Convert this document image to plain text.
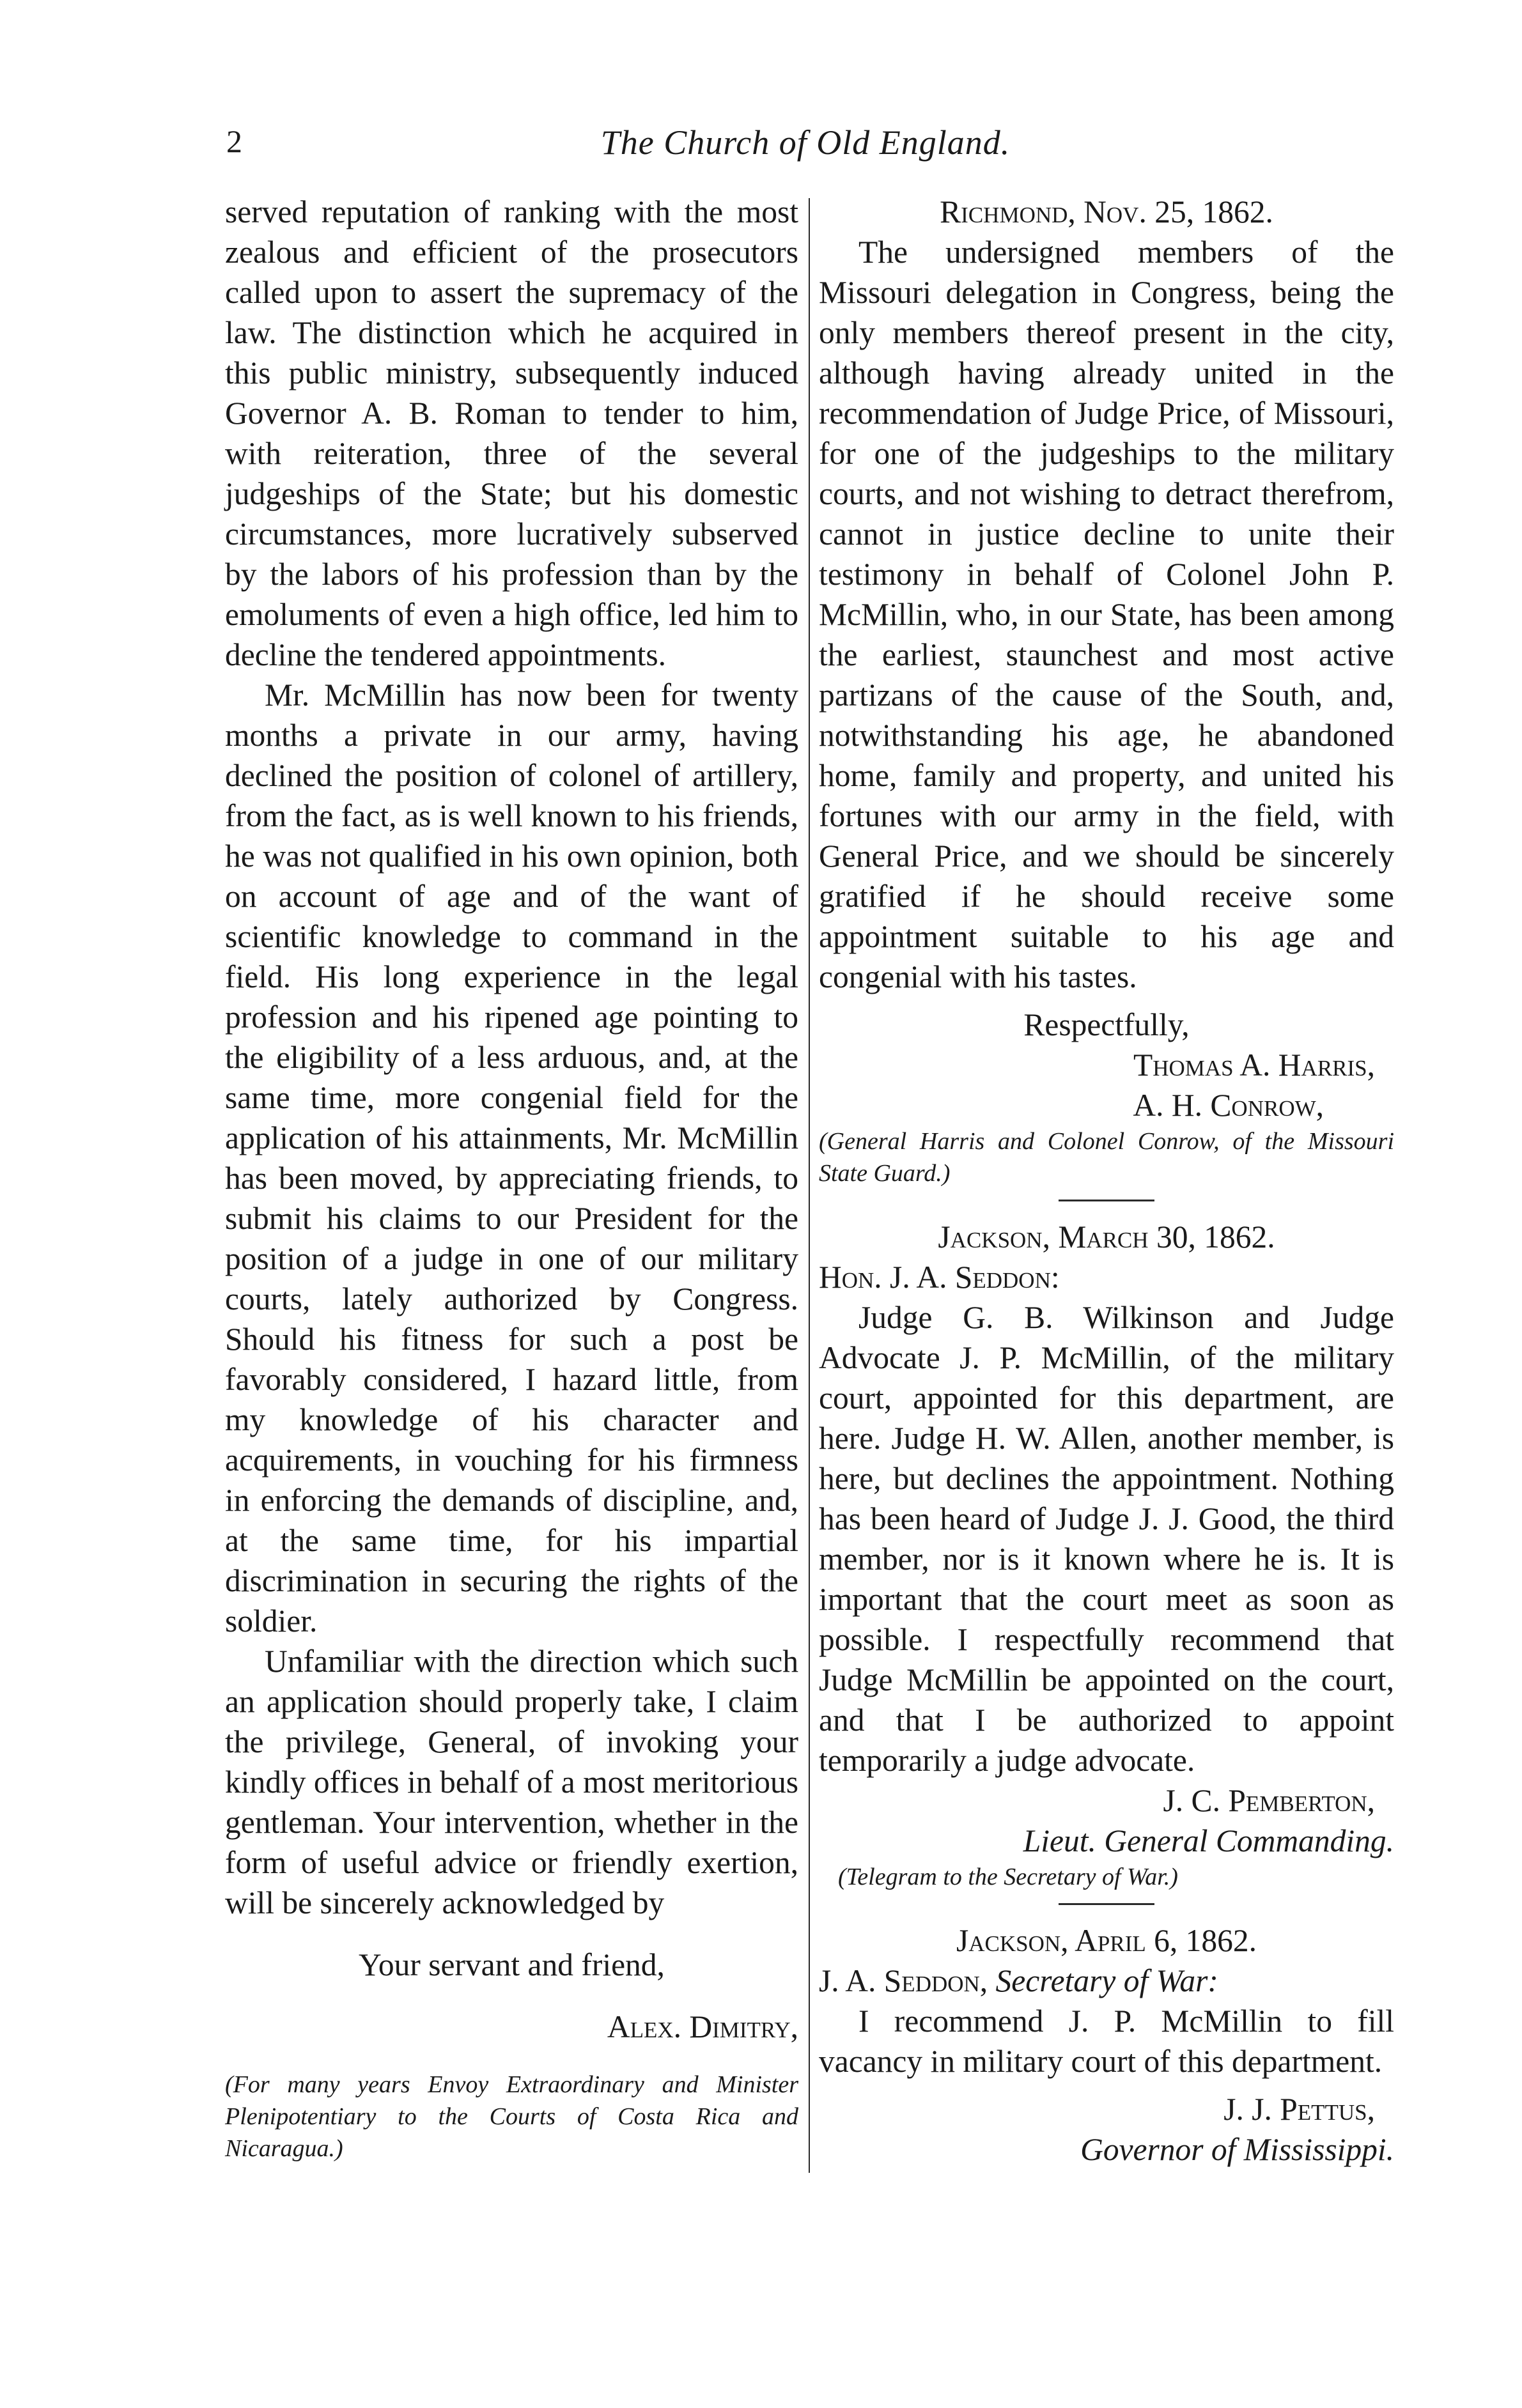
2	The Church of Old England.

served reputation of ranking with the most zealous and efficient of the prosecutors called upon to assert the supremacy of the law. The distinction which he acquired in this public ministry, subsequently induced Governor A. B. Roman to tender to him, with reiteration, three of the several judgeships of the State; but his domestic circumstances, more lucratively subserved by the labors of his profession than by the emoluments of even a high office, led him to decline the tendered appointments.

Mr. McMillin has now been for twenty months a private in our army, having declined the position of colonel of artillery, from the fact, as is well known to his friends, he was not qualified in his own opinion, both on account of age and of the want of scientific knowledge to command in the field. His long experience in the legal profession and his ripened age pointing to the eligibility of a less arduous, and, at the same time, more congenial field for the application of his attainments, Mr. McMillin has been moved, by appreciating friends, to submit his claims to our President for the position of a judge in one of our military courts, lately authorized by Congress. Should his fitness for such a post be favorably considered, I hazard little, from my knowledge of his character and acquirements, in vouching for his firmness in enforcing the demands of discipline, and, at the same time, for his impartial discrimination in securing the rights of the soldier.

Unfamiliar with the direction which such an application should properly take, I claim the privilege, General, of invoking your kindly offices in behalf of a most meritorious gentleman. Your intervention, whether in the form of useful advice or friendly exertion, will be sincerely acknowledged by

Your servant and friend,

Alex. Dimitry,

(For many years Envoy Extraordinary and Minister Plenipotentiary to the Courts of Costa Rica and Nicaragua.)

Richmond, Nov. 25, 1862.

The undersigned members of the Missouri delegation in Congress, being the only members thereof present in the city, although having already united in the recommendation of Judge Price, of Missouri, for one of the judgeships to the military courts, and not wishing to detract therefrom, cannot in justice decline to unite their testimony in behalf of Colonel John P. McMillin, who, in our State, has been among the earliest, staunchest and most active partizans of the cause of the South, and, notwithstanding his age, he abandoned home, family and property, and united his fortunes with our army in the field, with General Price, and we should be sincerely gratified if he should receive some appointment suitable to his age and congenial with his tastes.

Respectfully,

Thomas A. Harris,

A. H. Conrow,

(General Harris and Colonel Conrow, of the Missouri State Guard.)

Jackson, March 30, 1862.

Hon. J. A. Seddon:

Judge G. B. Wilkinson and Judge Advocate J. P. McMillin, of the military court, appointed for this department, are here. Judge H. W. Allen, another member, is here, but declines the appointment. Nothing has been heard of Judge J. J. Good, the third member, nor is it known where he is. It is important that the court meet as soon as possible. I respectfully recommend that Judge McMillin be appointed on the court, and that I be authorized to appoint temporarily a judge advocate.

J. C. Pemberton,

Lieut. General Commanding.

(Telegram to the Secretary of War.)

Jackson, April 6, 1862.

J. A. Seddon, Secretary of War:

I recommend J. P. McMillin to fill vacancy in military court of this department.

J. J. Pettus,

Governor of Mississippi.
